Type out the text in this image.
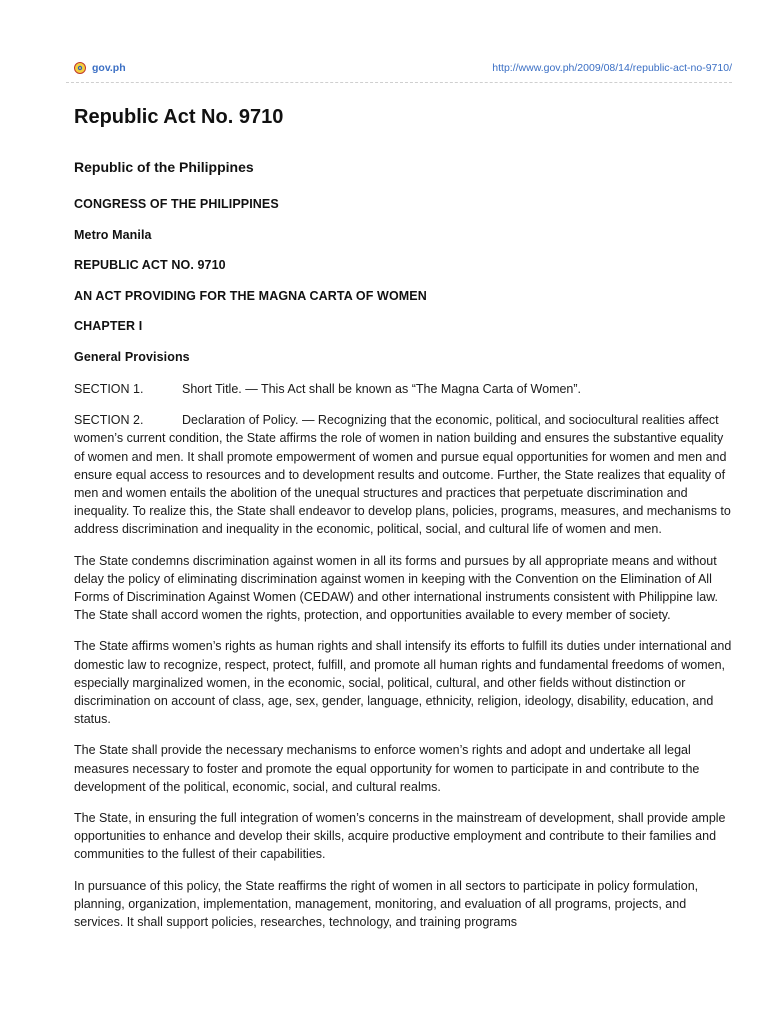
gov.ph	http://www.gov.ph/2009/08/14/republic-act-no-9710/
Republic Act No. 9710
Republic of the Philippines
CONGRESS OF THE PHILIPPINES
Metro Manila
REPUBLIC ACT NO. 9710
AN ACT PROVIDING FOR THE MAGNA CARTA OF WOMEN
CHAPTER I
General Provisions

SECTION 1.	Short Title. — This Act shall be known as “The Magna Carta of Women”.

SECTION 2.	Declaration of Policy. — Recognizing that the economic, political, and sociocultural realities affect women’s current condition, the State affirms the role of women in nation building and ensures the substantive equality of women and men. It shall promote empowerment of women and pursue equal opportunities for women and men and ensure equal access to resources and to development results and outcome. Further, the State realizes that equality of men and women entails the abolition of the unequal structures and practices that perpetuate discrimination and inequality. To realize this, the State shall endeavor to develop plans, policies, programs, measures, and mechanisms to address discrimination and inequality in the economic, political, social, and cultural life of women and men.

The State condemns discrimination against women in all its forms and pursues by all appropriate means and without delay the policy of eliminating discrimination against women in keeping with the Convention on the Elimination of All Forms of Discrimination Against Women (CEDAW) and other international instruments consistent with Philippine law. The State shall accord women the rights, protection, and opportunities available to every member of society.

The State affirms women’s rights as human rights and shall intensify its efforts to fulfill its duties under international and domestic law to recognize, respect, protect, fulfill, and promote all human rights and fundamental freedoms of women, especially marginalized women, in the economic, social, political, cultural, and other fields without distinction or discrimination on account of class, age, sex, gender, language, ethnicity, religion, ideology, disability, education, and status.

The State shall provide the necessary mechanisms to enforce women’s rights and adopt and undertake all legal measures necessary to foster and promote the equal opportunity for women to participate in and contribute to the development of the political, economic, social, and cultural realms.

The State, in ensuring the full integration of women’s concerns in the mainstream of development, shall provide ample opportunities to enhance and develop their skills, acquire productive employment and contribute to their families and communities to the fullest of their capabilities.

In pursuance of this policy, the State reaffirms the right of women in all sectors to participate in policy formulation, planning, organization, implementation, management, monitoring, and evaluation of all programs, projects, and services. It shall support policies, researches, technology, and training programs
